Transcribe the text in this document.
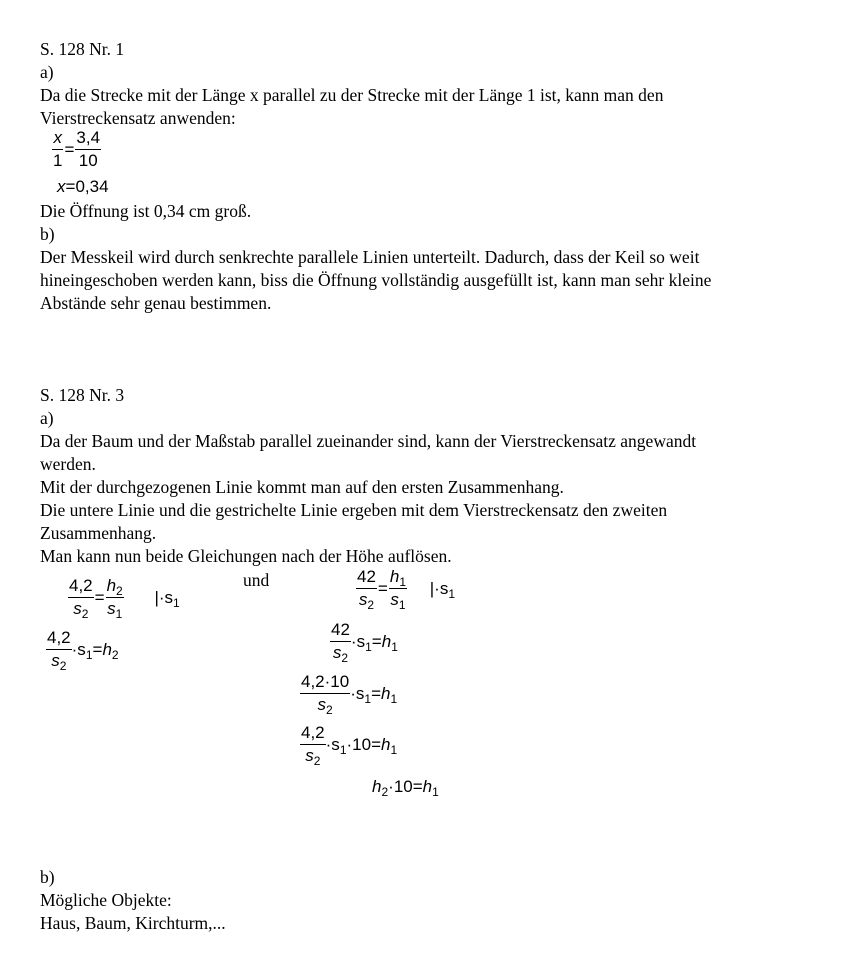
S. 128 Nr. 1
a)
Da die Strecke mit der Länge x parallel zu der Strecke mit der Länge 1 ist, kann man den
Vierstreckensatz anwenden:
$\frac{x}{1} = \frac{3,4}{10}$
x=0,34
Die Öffnung ist 0,34 cm groß.
b)
Der Messkeil wird durch senkrechte parallele Linien unterteilt. Dadurch, dass der Keil so weit
hineingeschoben werden kann, biss die Öffnung vollständig ausgefüllt ist, kann man sehr kleine
Abstände sehr genau bestimmen.
S. 128 Nr. 3
a)
Da der Baum und der Maßstab parallel zueinander sind, kann der Vierstreckensatz angewandt
werden.
Mit der durchgezogenen Linie kommt man auf den ersten Zusammenhang.
Die untere Linie und die gestrichelte Linie ergeben mit dem Vierstreckensatz den zweiten
Zusammenhang.
Man kann nun beide Gleichungen nach der Höhe auflösen.
und
$\frac{4,2}{s_2} = \frac{h_2}{s_1} |\cdot s_1$
$\frac{4,2}{s_2} \cdot s_1=h_2$
$\frac{42}{s_2} = \frac{h_1}{s_1} |\cdot s_1$
$\frac{42}{s_2} \cdot s_1=h_1$
$\frac{4,2\cdot 10}{s_2} \cdot s_1=h_1$
$\frac{4,2}{s_2} \cdot s_1\cdot 10=h_1$
$h_2\cdot 10=h_1$
b)
Mögliche Objekte:
Haus, Baum, Kirchturm,...
